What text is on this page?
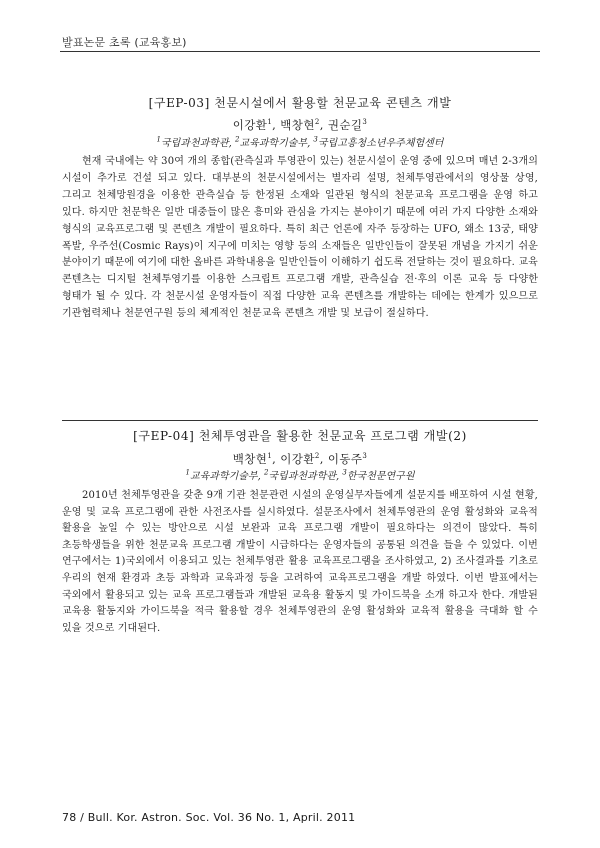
발표논문 초록 (교육홍보)
[구EP-03] 천문시설에서 활용할 천문교육 콘텐츠 개발
이강환$^1$, 백창현$^2$, 권순길$^3$
$^1$국립과천과학관, $^2$교육과학기술부, $^3$국립고흥청소년우주체험센터
현재 국내에는 약 30여 개의 종합(관측실과 투영관이 있는) 천문시설이 운영 중에 있으며 매년 2-3개의 시설이 추가로 건설 되고 있다. 대부분의 천문시설에서는 별자리 설명, 천체투영관에서의 영상물 상영, 그리고 천체망원경을 이용한 관측실습 등 한정된 소재와 일관된 형식의 천문교육 프로그램을 운영 하고 있다. 하지만 천문학은 일반 대중들이 많은 흥미와 관심을 가지는 분야이기 때문에 여러 가지 다양한 소재와 형식의 교육프로그램 및 콘텐츠 개발이 필요하다. 특히 최근 언론에 자주 등장하는 UFO, 왜소 13궁, 태양 폭발, 우주선(Cosmic Rays)이 지구에 미치는 영향 등의 소재들은 일반인들이 잘못된 개념을 가지기 쉬운 분야이기 때문에 여기에 대한 올바른 과학내용을 일반인들이 이해하기 쉽도록 전달하는 것이 필요하다. 교육 콘텐츠는 디지털 천체투영기를 이용한 스크립트 프로그램 개발, 관측실습 전·후의 이론 교육 등 다양한 형태가 될 수 있다. 각 천문시설 운영자들이 직접 다양한 교육 콘텐츠를 개발하는 데에는 한계가 있으므로 기관협력체나 천문연구원 등의 체계적인 천문교육 콘텐츠 개발 및 보급이 절실하다.
[구EP-04] 천체투영관을 활용한 천문교육 프로그램 개발(2)
백창현$^1$, 이강환$^2$, 이동주$^3$
$^1$교육과학기술부, $^2$국립과천과학관, $^3$한국천문연구원
2010년 천체투영관을 갖춘 9개 기관 천문관련 시설의 운영실무자들에게 설문지를 배포하여 시설 현황, 운영 및 교육 프로그램에 관한 사전조사를 실시하였다. 설문조사에서 천체투영관의 운영 활성화와 교육적 활용을 높일 수 있는 방안으로 시설 보완과 교육 프로그램 개발이 필요하다는 의견이 많았다. 특히 초등학생들을 위한 천문교육 프로그램 개발이 시급하다는 운영자들의 공통된 의견을 들을 수 있었다. 이번 연구에서는 1)국외에서 이용되고 있는 천체투영관 활용 교육프로그램을 조사하였고, 2) 조사결과를 기초로 우리의 현재 환경과 초등 과학과 교육과정 등을 고려하여 교육프로그램을 개발 하였다. 이번 발표에서는 국외에서 활용되고 있는 교육 프로그램들과 개발된 교육용 활동지 및 가이드북을 소개 하고자 한다. 개발된 교육용 활동지와 가이드북을 적극 활용할 경우 천체투영관의 운영 활성화와 교육적 활용을 극대화 할 수 있을 것으로 기대된다.
78 / Bull. Kor. Astron. Soc. Vol. 36 No. 1, April. 2011
